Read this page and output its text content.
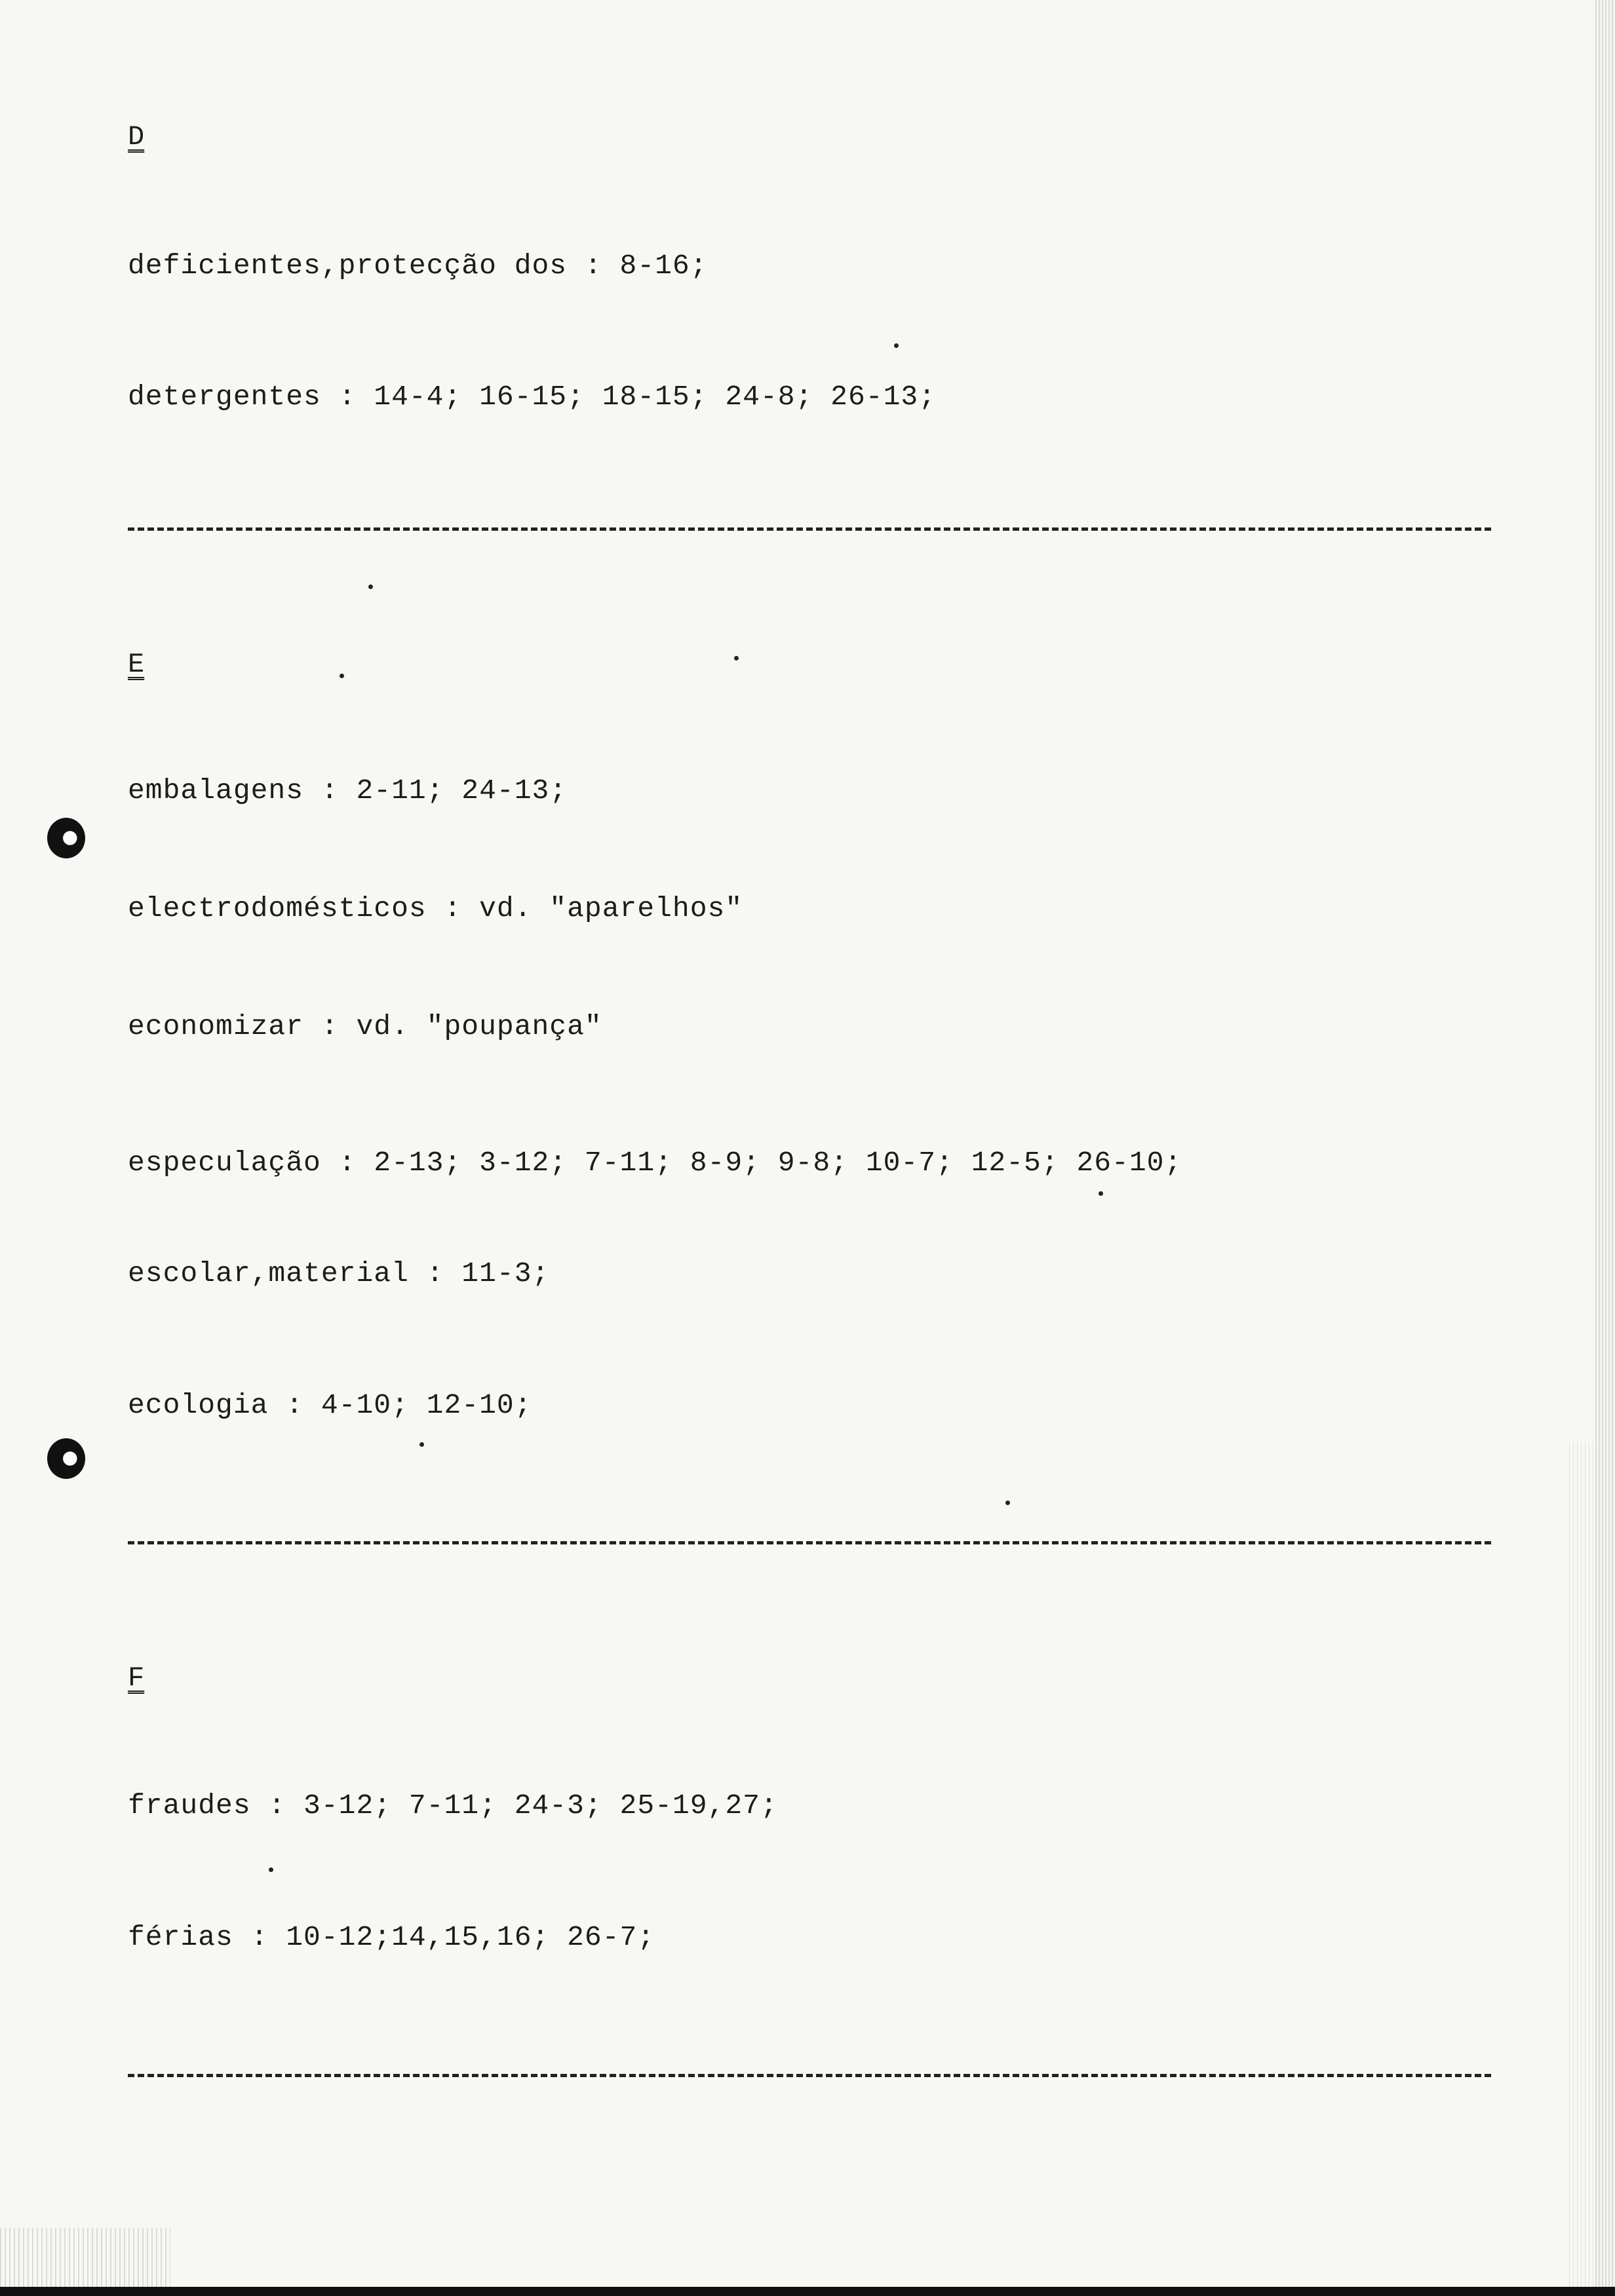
D
deficientes,protecção dos : 8-16;
detergentes : 14-4; 16-15; 18-15; 24-8; 26-13;
E
embalagens : 2-11; 24-13;
electrodomésticos : vd. "aparelhos"
economizar : vd. "poupança"
especulação : 2-13; 3-12; 7-11; 8-9; 9-8; 10-7; 12-5; 26-10;
escolar,material : 11-3;
ecologia : 4-10; 12-10;
F
fraudes : 3-12; 7-11; 24-3; 25-19,27;
férias : 10-12;14,15,16; 26-7;
